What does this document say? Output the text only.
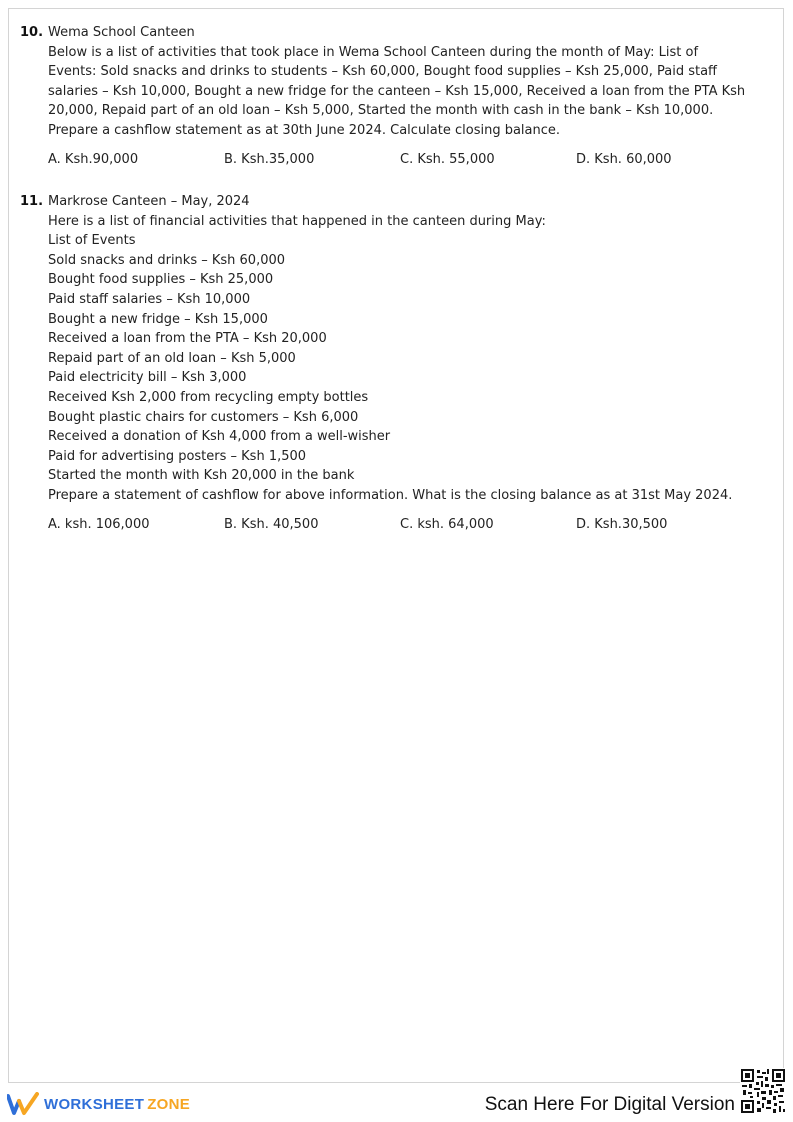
10. Wema School Canteen
Below is a list of activities that took place in Wema School Canteen during the month of May: List of Events: Sold snacks and drinks to students – Ksh 60,000, Bought food supplies – Ksh 25,000, Paid staff salaries – Ksh 10,000, Bought a new fridge for the canteen – Ksh 15,000, Received a loan from the PTA Ksh 20,000, Repaid part of an old loan – Ksh 5,000, Started the month with cash in the bank – Ksh 10,000. Prepare a cashflow statement as at 30th June 2024. Calculate closing balance.
A. Ksh.90,000	B. Ksh.35,000	C. Ksh. 55,000	D. Ksh. 60,000
11. Markrose Canteen – May, 2024
Here is a list of financial activities that happened in the canteen during May:
List of Events
Sold snacks and drinks – Ksh 60,000
Bought food supplies – Ksh 25,000
Paid staff salaries – Ksh 10,000
Bought a new fridge – Ksh 15,000
Received a loan from the PTA – Ksh 20,000
Repaid part of an old loan – Ksh 5,000
Paid electricity bill – Ksh 3,000
Received Ksh 2,000 from recycling empty bottles
Bought plastic chairs for customers – Ksh 6,000
Received a donation of Ksh 4,000 from a well-wisher
Paid for advertising posters – Ksh 1,500
Started the month with Ksh 20,000 in the bank
Prepare a statement of cashflow for above information. What is the closing balance as at 31st May 2024.
A. ksh. 106,000	B. Ksh. 40,500	C. ksh. 64,000	D. Ksh.30,500
WORKSHEET ZONE	Scan Here For Digital Version
